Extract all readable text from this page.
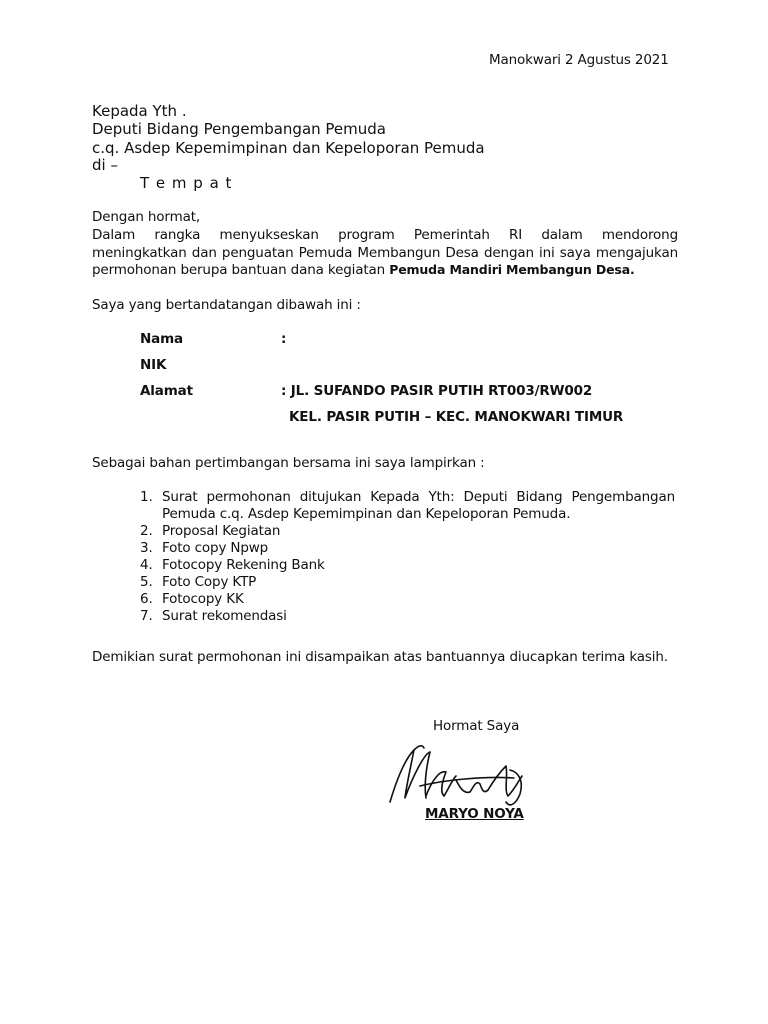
Manokwari 2 Agustus 2021
Kepada Yth .
Deputi Bidang Pengembangan Pemuda
c.q. Asdep Kepemimpinan dan Kepeloporan Pemuda
di –
T e m p a t
Dengan hormat,
Dalam rangka menyukseskan program Pemerintah RI dalam mendorong
meningkatkan dan penguatan Pemuda Membangun Desa dengan ini saya mengajukan
permohonan berupa bantuan dana kegiatan Pemuda Mandiri Membangun Desa.
Saya yang bertandatangan dibawah ini :
Nama	:
NIK
Alamat	: JL. SUFANDO PASIR PUTIH RT003/RW002
KEL. PASIR PUTIH – KEC. MANOKWARI TIMUR
Sebagai bahan pertimbangan bersama ini saya lampirkan :
1. Surat permohonan ditujukan Kepada Yth: Deputi Bidang Pengembangan Pemuda c.q. Asdep Kepemimpinan dan Kepeloporan Pemuda.
2. Proposal Kegiatan
3. Foto copy Npwp
4. Fotocopy Rekening Bank
5. Foto Copy KTP
6. Fotocopy KK
7. Surat rekomendasi
Demikian surat permohonan ini disampaikan atas bantuannya diucapkan terima kasih.
Hormat Saya
MARYO NOYA
